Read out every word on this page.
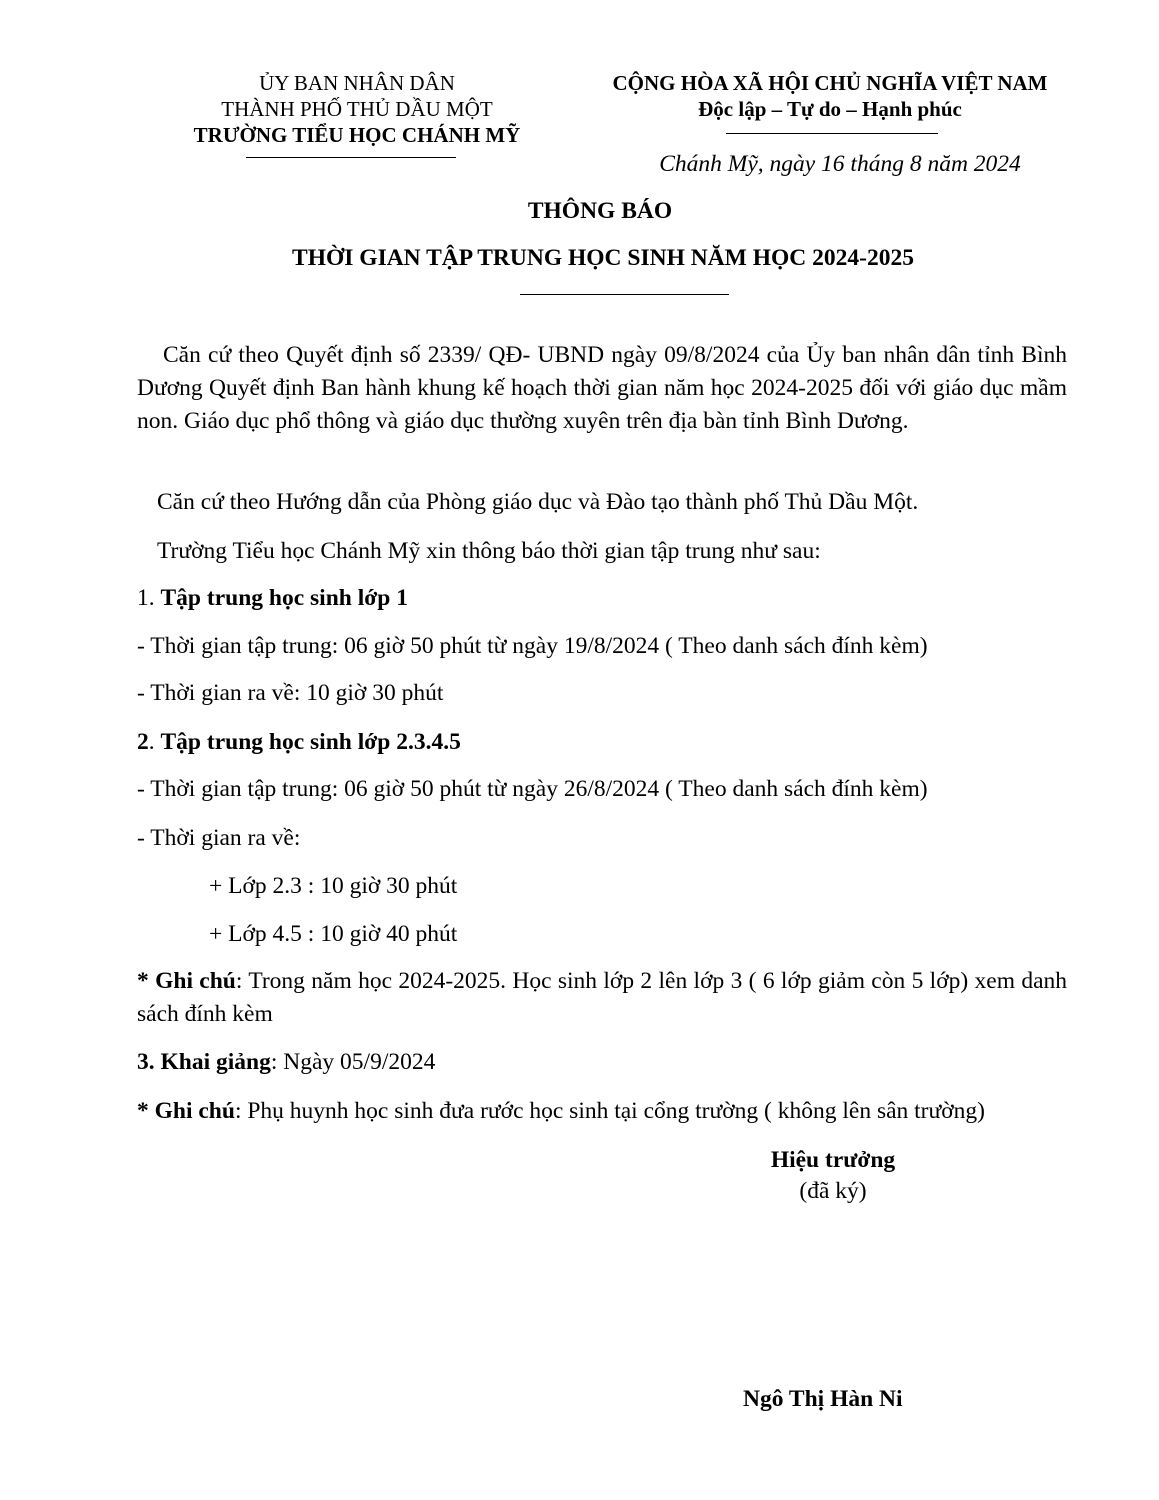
ỦY BAN NHÂN DÂN
THÀNH PHỐ THỦ DẦU MỘT
TRƯỜNG TIỂU HỌC CHÁNH MỸ
CỘNG HÒA XÃ HỘI CHỦ NGHĨA VIỆT NAM
Độc lập – Tự do – Hạnh phúc
Chánh Mỹ, ngày 16 tháng 8 năm 2024
THÔNG BÁO
THỜI GIAN TẬP TRUNG HỌC SINH NĂM HỌC 2024-2025
Căn cứ theo Quyết định số 2339/ QĐ- UBND ngày 09/8/2024 của Ủy ban nhân dân tỉnh Bình Dương Quyết định Ban hành khung kế hoạch thời gian năm học 2024-2025 đối với giáo dục mầm non. Giáo dục phổ thông và giáo dục thường xuyên trên địa bàn tỉnh Bình Dương.
Căn cứ theo Hướng dẫn của Phòng giáo dục và Đào tạo thành phố Thủ Dầu Một.
Trường Tiểu học Chánh Mỹ xin thông báo thời gian tập trung như sau:
1. Tập trung học sinh lớp 1
- Thời gian tập trung: 06 giờ 50 phút từ ngày 19/8/2024 ( Theo danh sách đính kèm)
- Thời gian ra về: 10 giờ 30 phút
2. Tập trung học sinh lớp 2.3.4.5
- Thời gian tập trung: 06 giờ 50 phút từ ngày 26/8/2024 ( Theo danh sách đính kèm)
- Thời gian ra về:
+ Lớp 2.3 : 10 giờ 30 phút
+ Lớp 4.5 : 10 giờ 40 phút
* Ghi chú: Trong năm học 2024-2025. Học sinh lớp 2 lên lớp 3 ( 6 lớp giảm còn 5 lớp) xem danh sách đính kèm
3. Khai giảng: Ngày 05/9/2024
* Ghi chú: Phụ huynh học sinh đưa rước học sinh tại cổng trường ( không lên sân trường)
Hiệu trưởng
(đã ký)
Ngô Thị Hàn Ni
